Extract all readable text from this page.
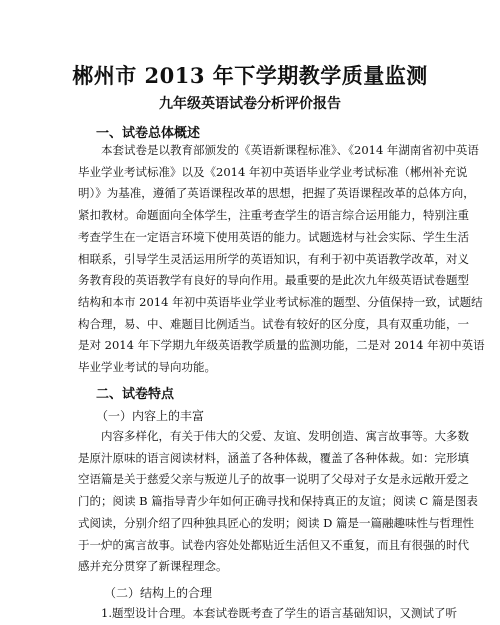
郴州市 2013 年下学期教学质量监测
九年级英语试卷分析评价报告
一、试卷总体概述
本套试卷是以教育部颁发的《英语新课程标准》、《2014 年湖南省初中英语
毕业学业考试标准》以及《2014 年初中英语毕业学业考试标准（郴州补充说
明）》为基准，遵循了英语课程改革的思想，把握了英语课程改革的总体方向，
紧扣教材。命题面向全体学生，注重考查学生的语言综合运用能力，特别注重
考查学生在一定语言环境下使用英语的能力。试题选材与社会实际、学生生活
相联系，引导学生灵活运用所学的英语知识，有利于初中英语教学改革，对义
务教育段的英语教学有良好的导向作用。最重要的是此次九年级英语试卷题型
结构和本市 2014 年初中英语毕业学业考试标准的题型、分值保持一致，试题结
构合理，易、中、难题目比例适当。试卷有较好的区分度，具有双重功能，一
是对 2014 年下学期九年级英语教学质量的监测功能，二是对 2014 年初中英语
毕业学业考试的导向功能。
二、试卷特点

（一）内容上的丰富

内容多样化，有关于伟大的父爱、友谊、发明创造、寓言故事等。大多数
是原汁原味的语言阅读材料，涵盖了各种体裁，覆盖了各种体裁。如：完形填
空语篇是关于慈爱父亲与叛逆儿子的故事一说明了父母对子女是永远敞开爱之
门的；阅读 B 篇指导青少年如何正确寻找和保持真正的友谊；阅读 C 篇是图表
式阅读，分别介绍了四种独具匠心的发明；阅读 D 篇是一篇融趣味性与哲理性
于一炉的寓言故事。试卷内容处处都贴近生活但又不重复，而且有很强的时代
感并充分贯穿了新课程理念。

（二）结构上的合理

1.题型设计合理。本套试卷既考查了学生的语言基础知识，又测试了听
